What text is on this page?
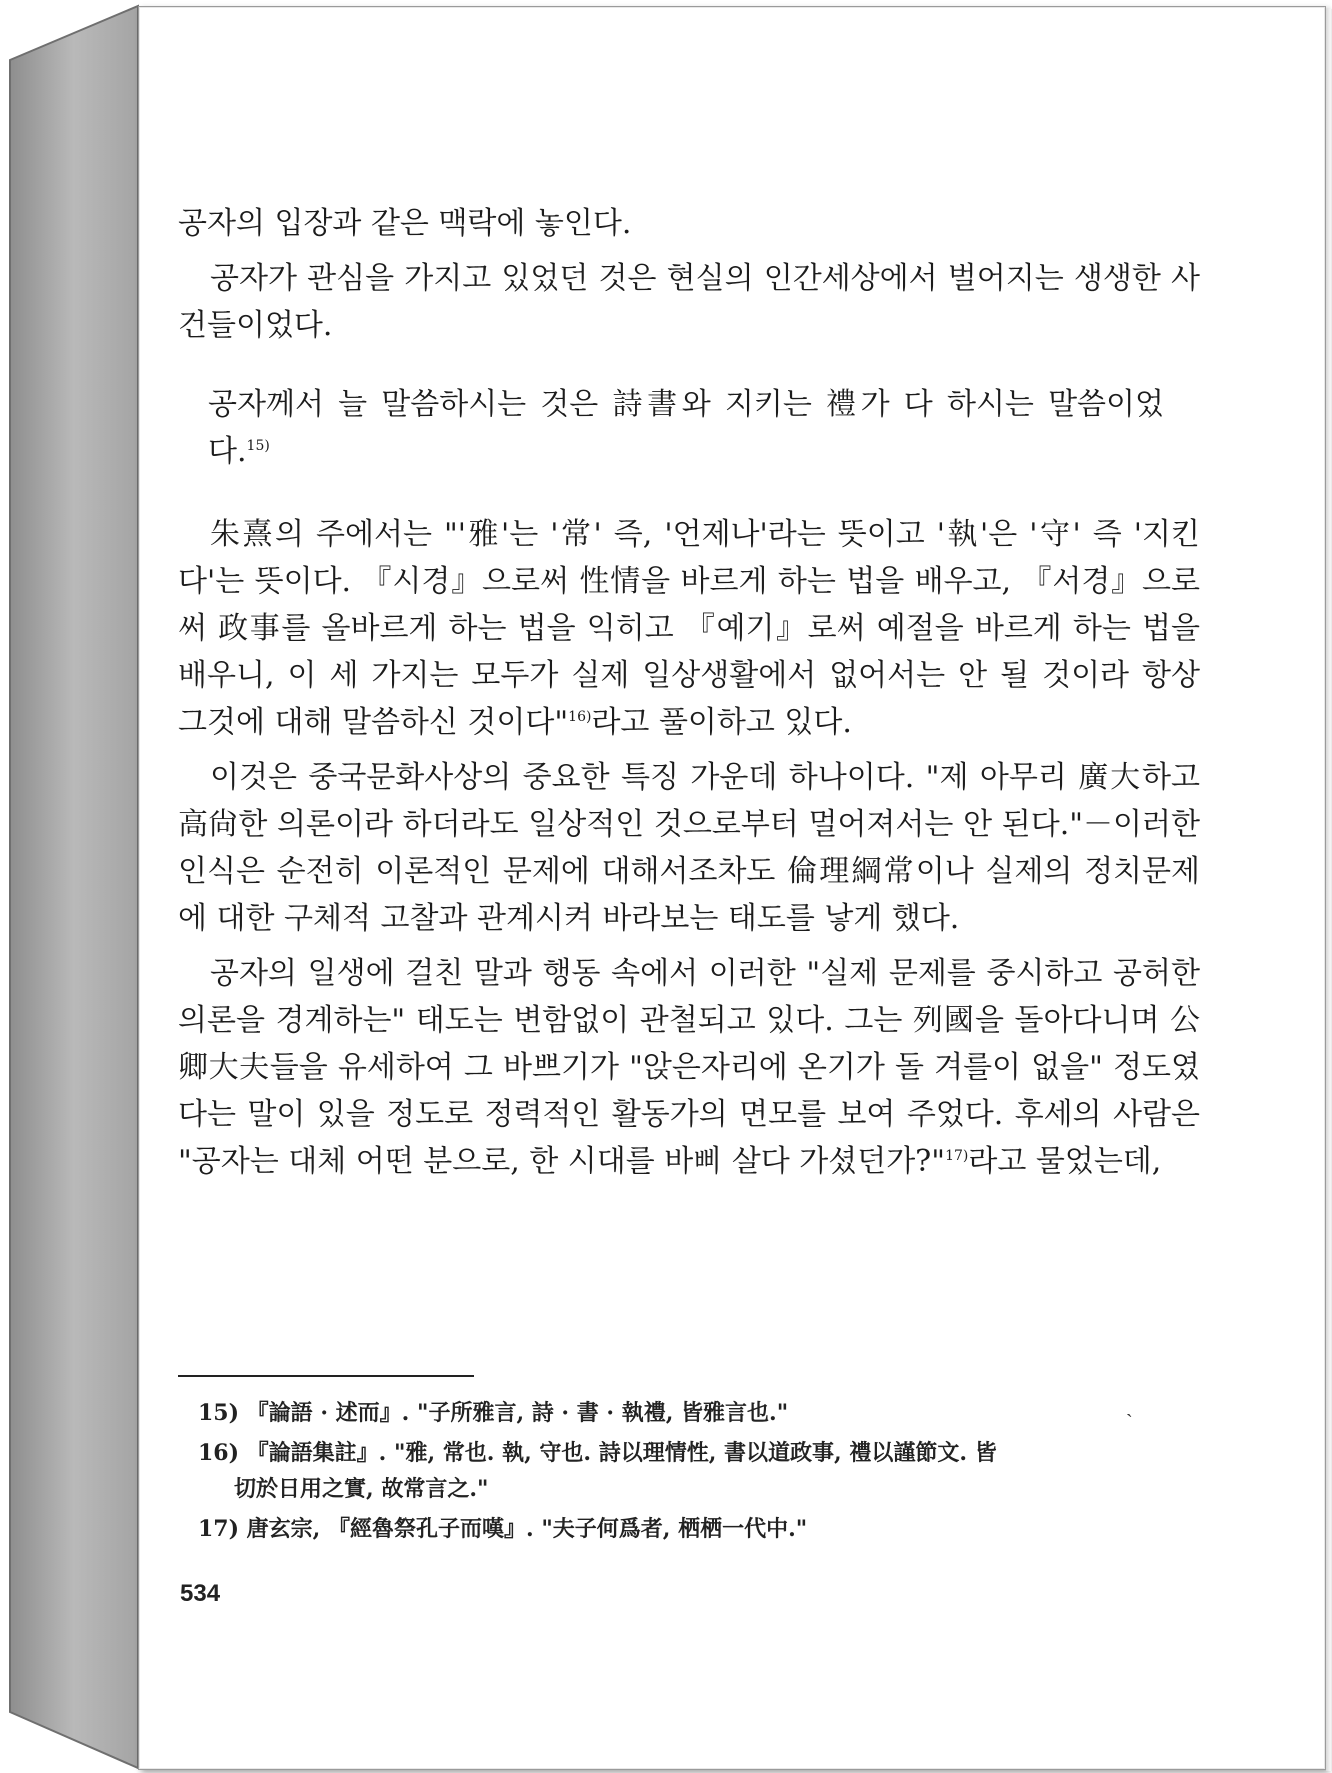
공자의 입장과 같은 맥락에 놓인다.

공자가 관심을 가지고 있었던 것은 현실의 인간세상에서 벌어지는 생생한 사건들이었다.

공자께서 늘 말씀하시는 것은 詩書와 지키는 禮가 다 하시는 말씀이었다.$^{15)}$

朱熹의 주에서는 "'雅'는 '常' 즉, '언제나'라는 뜻이고 '執'은 '守' 즉 '지킨다'는 뜻이다. 『시경』으로써 性情을 바르게 하는 법을 배우고, 『서경』으로써 政事를 올바르게 하는 법을 익히고 『예기』로써 예절을 바르게 하는 법을 배우니, 이 세 가지는 모두가 실제 일상생활에서 없어서는 안 될 것이라 항상 그것에 대해 말씀하신 것이다"$^{16)}$라고 풀이하고 있다.

이것은 중국문화사상의 중요한 특징 가운데 하나이다. "제 아무리 廣大하고 高尙한 의론이라 하더라도 일상적인 것으로부터 멀어져서는 안 된다."－이러한 인식은 순전히 이론적인 문제에 대해서조차도 倫理綱常이나 실제의 정치문제에 대한 구체적 고찰과 관계시켜 바라보는 태도를 낳게 했다.

공자의 일생에 걸친 말과 행동 속에서 이러한 "실제 문제를 중시하고 공허한 의론을 경계하는" 태도는 변함없이 관철되고 있다. 그는 列國을 돌아다니며 公卿大夫들을 유세하여 그 바쁘기가 "앉은자리에 온기가 돌 겨를이 없을" 정도였다는 말이 있을 정도로 정력적인 활동가의 면모를 보여 주었다. 후세의 사람은 "공자는 대체 어떤 분으로, 한 시대를 바삐 살다 가셨던가?"$^{17)}$라고 물었는데,

15) 『論語 · 述而』. "子所雅言, 詩 · 書 · 執禮, 皆雅言也."

16) 『論語集註』. "雅, 常也. 執, 守也. 詩以理情性, 書以道政事, 禮以謹節文. 皆
切於日用之實, 故常言之."

17) 唐玄宗, 『經魯祭孔子而嘆』. "夫子何爲者, 栖栖一代中."

˴
534
